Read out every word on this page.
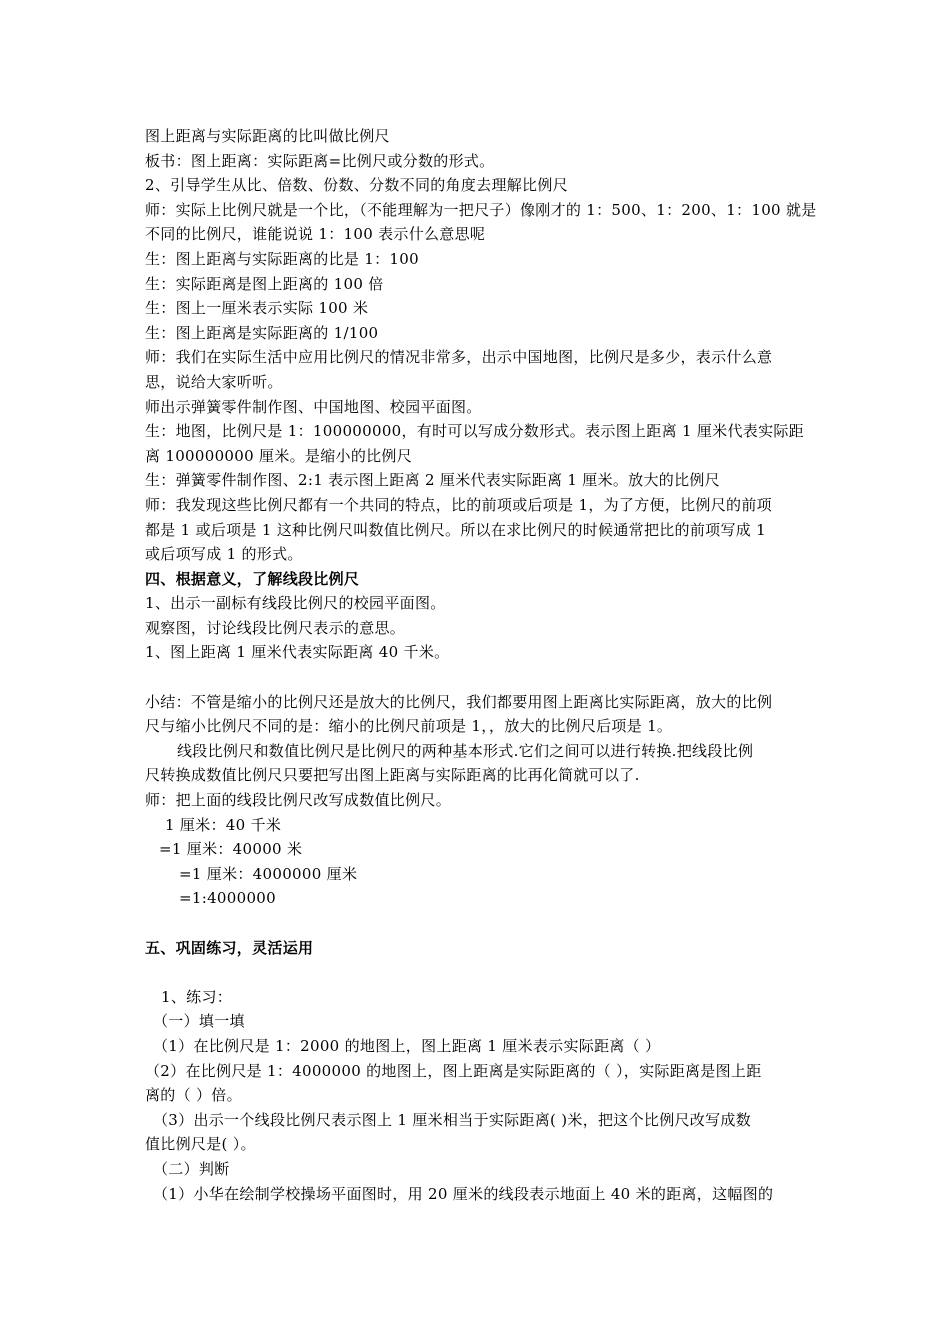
图上距离与实际距离的比叫做比例尺
板书：图上距离：实际距离=比例尺或分数的形式。
2、引导学生从比、倍数、份数、分数不同的角度去理解比例尺
师：实际上比例尺就是一个比，（不能理解为一把尺子）像刚才的 1：500、1：200、1：100 就是
不同的比例尺，谁能说说 1：100 表示什么意思呢
生：图上距离与实际距离的比是 1：100
生：实际距离是图上距离的 100 倍
生：图上一厘米表示实际 100 米
生：图上距离是实际距离的 1/100
师：我们在实际生活中应用比例尺的情况非常多，出示中国地图，比例尺是多少，表示什么意
思，说给大家听听。
师出示弹簧零件制作图、中国地图、校园平面图。
生：地图，比例尺是 1：100000000，有时可以写成分数形式。表示图上距离 1 厘米代表实际距
离 100000000 厘米。是缩小的比例尺
生：弹簧零件制作图、2:1 表示图上距离 2 厘米代表实际距离 1 厘米。放大的比例尺
师：我发现这些比例尺都有一个共同的特点，比的前项或后项是 1，为了方便，比例尺的前项
都是 1 或后项是 1 这种比例尺叫数值比例尺。所以在求比例尺的时候通常把比的前项写成 1
或后项写成 1 的形式。
四、根据意义，了解线段比例尺
1、出示一副标有线段比例尺的校园平面图。
观察图，讨论线段比例尺表示的意思。
1、图上距离 1 厘米代表实际距离 40 千米。
小结：不管是缩小的比例尺还是放大的比例尺，我们都要用图上距离比实际距离，放大的比例
尺与缩小比例尺不同的是：缩小的比例尺前项是 1，，放大的比例尺后项是 1。
线段比例尺和数值比例尺是比例尺的两种基本形式.它们之间可以进行转换.把线段比例
尺转换成数值比例尺只要把写出图上距离与实际距离的比再化简就可以了.
师：把上面的线段比例尺改写成数值比例尺。
1 厘米：40 千米
=1 厘米：40000 米
=1 厘米：4000000 厘米
=1:4000000
五、巩固练习，灵活运用
1、练习：
（一）填一填
（1）在比例尺是 1：2000 的地图上，图上距离 1 厘米表示实际距离（ ）
（2）在比例尺是 1：4000000 的地图上，图上距离是实际距离的（ ），实际距离是图上距
离的（ ）倍。
（3）出示一个线段比例尺表示图上 1 厘米相当于实际距离( )米，把这个比例尺改写成数
值比例尺是( ）。
（二）判断
（1）小华在绘制学校操场平面图时，用 20 厘米的线段表示地面上 40 米的距离，这幅图的
